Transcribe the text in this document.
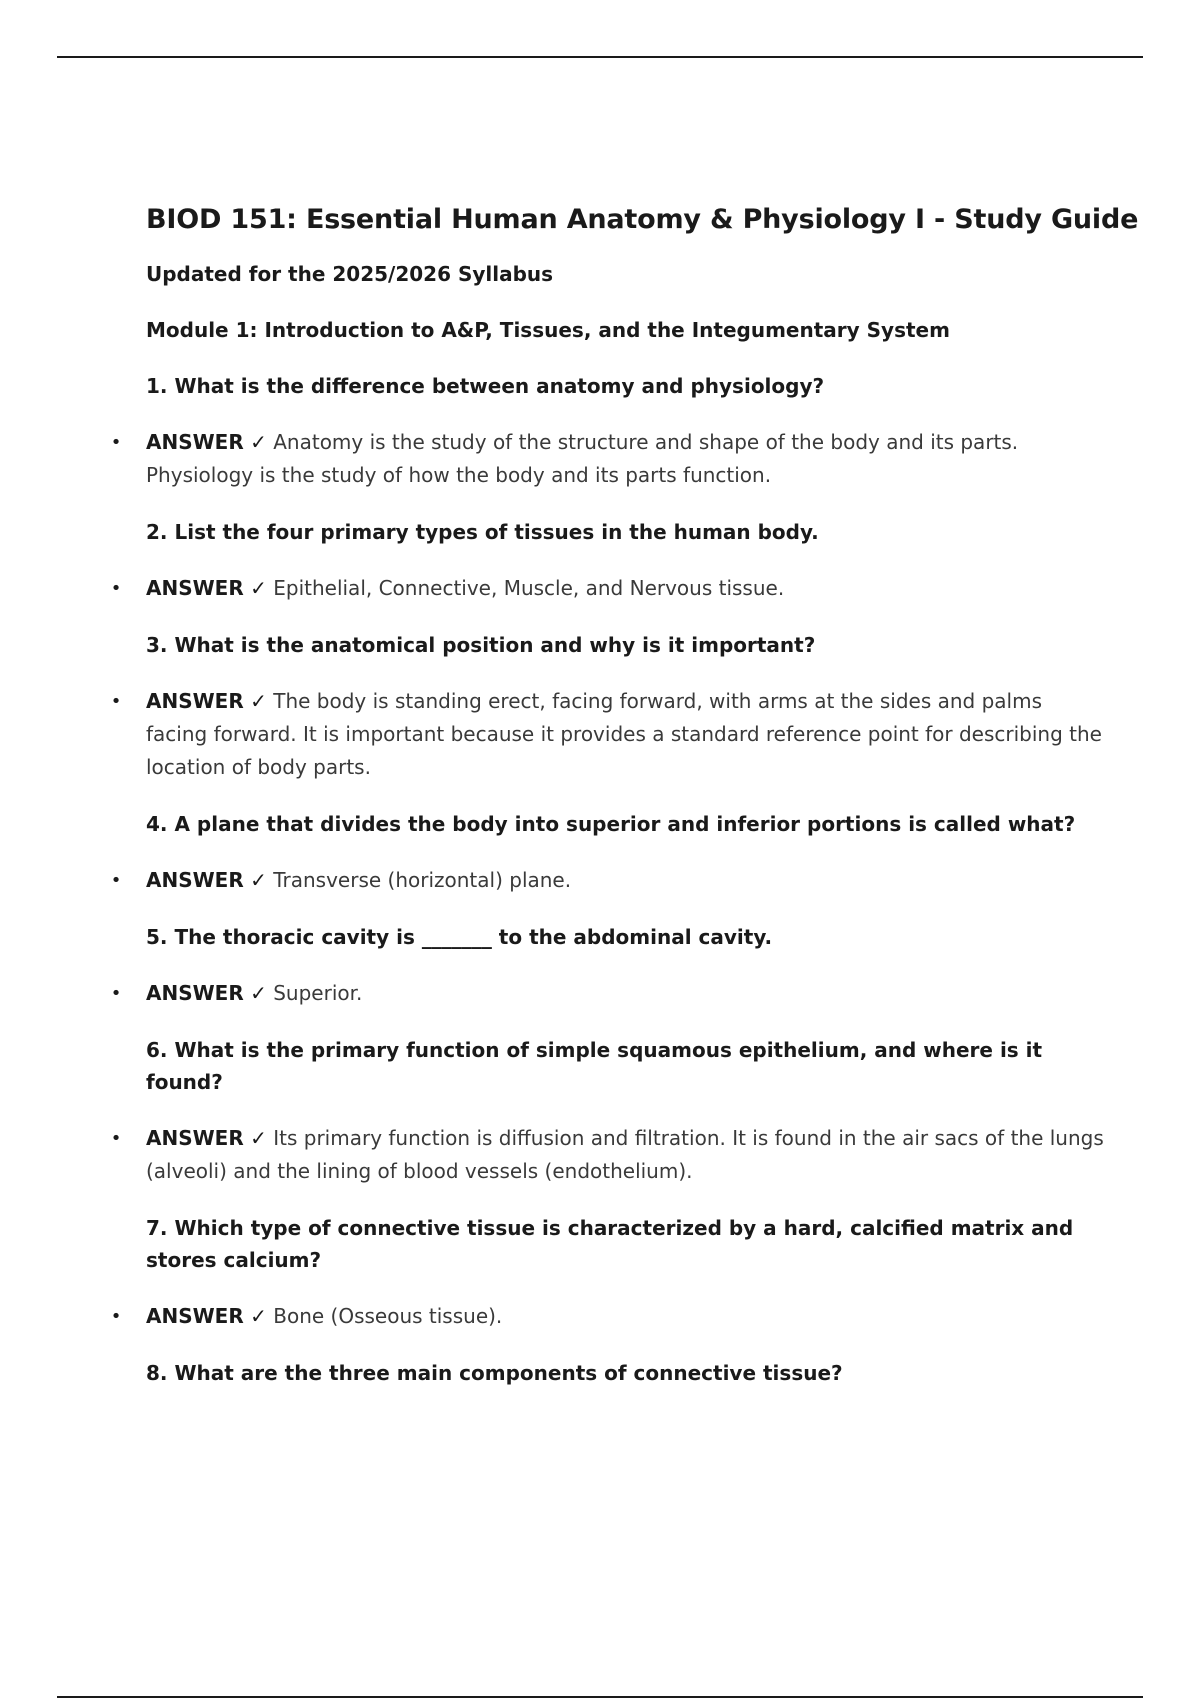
BIOD 151: Essential Human Anatomy & Physiology I - Study Guide
Updated for the 2025/2026 Syllabus
Module 1: Introduction to A&P, Tissues, and the Integumentary System
1. What is the difference between anatomy and physiology?
• ANSWER ✓ Anatomy is the study of the structure and shape of the body and its parts. Physiology is the study of how the body and its parts function.
2. List the four primary types of tissues in the human body.
• ANSWER ✓ Epithelial, Connective, Muscle, and Nervous tissue.
3. What is the anatomical position and why is it important?
• ANSWER ✓ The body is standing erect, facing forward, with arms at the sides and palms facing forward. It is important because it provides a standard reference point for describing the location of body parts.
4. A plane that divides the body into superior and inferior portions is called what?
• ANSWER ✓ Transverse (horizontal) plane.
5. The thoracic cavity is _______ to the abdominal cavity.
• ANSWER ✓ Superior.
6. What is the primary function of simple squamous epithelium, and where is it found?
• ANSWER ✓ Its primary function is diffusion and filtration. It is found in the air sacs of the lungs (alveoli) and the lining of blood vessels (endothelium).
7. Which type of connective tissue is characterized by a hard, calcified matrix and stores calcium?
• ANSWER ✓ Bone (Osseous tissue).
8. What are the three main components of connective tissue?
